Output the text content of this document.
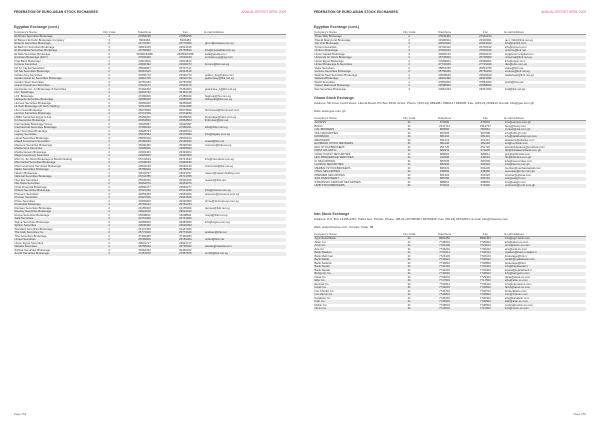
FEDERATION OF EURO-ASIAN STOCK EXCHANGES	ANNUAL REPORT APRIL 2009
Egyptian Exchange (cont.)
Company's Name	City Code	Telephone	Fax	E-mail Address
El Ahram Securities Brokerage	2	27956138	27956335	
El Barouni El Kabir Brokerage Company	3	5903484	5903484	
Elnama Securities Brokerage	2	24770307	24770306	gen.it@elnama.com.eg
El Badr for Securities Brokerage	2	23913015	23913015	
El Mostakbal Securities Brokerage	2	25756830	25756830	info@mostakbal.com.eg
El Safa Securities Brokerage	2	33280184/88	33280184/88	safa@elsafa.com
Emirates Brokerage (EGY)	2	27934449	27934449	emirates.egy@eg.com
First Bank Brokerage	2	23911810	23911810	
Fortune Securities	2	23906492	23906073	fortune@link.net.eg
Gil for Capital Securities	2	25909847	25747117	
Gil Sat Securities Brokerage	2	33361515	33361510	
Golden Key Securities	2	23390770	23390770	golden_key@gkey.com
Golden Hand for Securities Brokerage	2	23910705	23910716	goldenway@link.net.eg
Golden Town Securities	2	24781042	24781049	
Grand Investment Securities	2	27924171	27924170	
Guarantee Co. for Brokerage & Securities	2	37494200	37494204	guarantee_1@link.net.eg
H.C. Brokerage	2	33491740	33491740	
H.S. Brokerage	2	27486000	27486010	hsgroup@hs.com.eg
Heliopolis Securities Brokerage	2	22695025	22695025	heliopolis@link.net.eg
Hermes Securities Brokerage	2	33356626	33356626	
Hi-Tech Brokerage (Al Tech Trading)	2	37612020	37612020	
Hirm Invest Brokerage	2	25673830	25673830	hirminvest@hirminvest.com
Horizon Securities Brokerage	2	27374430	27374430	
HSBC Securities Egypt S.A.E	2	25358200	25358200	brokerage@hsbc.com.eg
Ibn Securities Brokerage	2	24564563	24564563	ibnbroker@link.net
Intermediate Brokerage Group	2	24026097	24026097	
International Securities Brokerage	2	27356220	27356221	isbs@isbs.com.eg
Itqan Securities Brokerage	2	23928704	23928704	
Legacy Securities	2	25478384	25478384	info@legacy.com.eg
Liquid Securities Brokerage	2	25600420	25600420	
Maadi Investment Securities	2	25160033	25160033	maadi@link.net
Mansour Securities Brokerage	2	25290490	25290490	mansour@link.net.eg
Masheretna Securities	2	23935929	23935929	
Mediterranean Brokerage	2	23393404	23393404	
Mega Investment Securities	2	22920000	22920000	
Misr Co. for Stock Brokerage & Bonds Dealing	2	25741543	25741543	info@misrstock.com.eg
Misr Global Securities Brokerage	2	27949190	27949190	
Misr Investment Securities Brokerage	2	23932130	23932130	misrinvest@link.net.eg
Nader Securities Brokerage	2	25780620	25780620	
Naeem Brokerage	2	33033797	33033797	naeem@naeemholding.com
National Securities Brokerage	2	25741785	25741785	
New Era Securities	2	25330010	25330010	newera@link.net
Nile Delta Securities	2	33354070	33354070	
Octet Financial Brokerage	2	23960477	23960477	
Pharos Securities Brokerage	2	37621230	37621230	info@pharos.com.eg
Pioneers Securities	2	24053460	24053460	pioneers@pioneers.com.eg
Premier Securities	2	23321520	23321520	
Prime Securities	2	33393000	33393000	prime@primegroup.com.eg
Prudential Brokerage	2	25781234	25781234	
Ramses Securities Brokerage	2	24155300	24155300	ramses@link.net.eg
Rawasy Securities Brokerage	2	23924010	23924010	
Roaya Securities Brokerage	2	25298811	25298811	roaya@link.net.eg
Safa Securities	2	22761400	22761400	
Sigma Securities Brokerage	2	33365000	33365000	info@sigma.com.eg
Sphinx Securities	2	23930300	23930300	
Standard Securities Brokerage	2	24147460	24147460	
The Arab Securities Co.	2	25773020	25773020	arabsec@link.net
Tiba Securities Brokerage	2	37490480	37490480	
United Securities	2	25783009	25783009	united@link.net
Upper Egypt Securities	2	23931717	23931717	
Wasata Securities	2	25755033	25755033	wasata@wasata.com
Zahraa Securities Brokerage	2	33462222	33462222	
Zenith Securities Brokerage	2	27357878	27357878	zenith@link.net.eg
Page 154
FEDERATION OF EURO-ASIAN STOCK EXCHANGES	ANNUAL REPORT APRIL 2009
Egyptian Exchange (cont.)
Company's Name	City Code	Telephone	Fax	E-mail Address
Three Way Brokerage	2	27942409	27942214	
Tiba El Masryia El Brokerage	2	23300001	23300001	gen_3110@link.net.eg
Top Link Brokerage	2	24024042	24024042	info@toplink.com
Tycoon Securities	2	22702412	22702412	info@tycoon.com
Uniform Brokerage	2	37602016	37602016	uniform@link.net
Union Capital Brokerage	2	23920123	23920123	top@union-capital.com
Universal for Stock Brokerage	2	25738000	25738000	universal@link.net.eg
Upper Egypt Brokerage	2	23399001	23399001	info@upper.com
United Brokerage & Securities	2	27749049	27749049	ubs@ubs.com.eg
Value Securities	2	25891780	25891780	value@link.net
Venture Securities Brokerage	2	25756260	25756260	venture@link.net.eg
Wadi El Neel Securities Brokerage	2	23906620	23906620	wadielneel@link.net.eg
Watania Brokerage	2	26901392	26901392	
World Securities	2	37862000	37862000	world@link.net
Yasser Mahmoud Brokerage	2	22588900	22588900	
Zad Securities Brokerage	2	23951034	23951034	zad@link.net.eg
Ghana Stock Exchange
Address: 5th Floor Cedi House, Liberia Road, PO Box 1849, Accra. Phone: (233-21) 669908 / 669914 / 669935. Fax: (233-21) 669913. E-mail: info@gse.com.gh
Web: www.gse.com.gh
Company's Name	City Code	Telephone	Fax	E-mail Address
ACCESS	21	670000	670001	info@access.com.gh
BOCG	21	2314714	2314747	bocg@bocg.com
CAL BROKERS	21	680060	680061	contact@cal.com.gh
CDH SECURITIES	21	907606	907608	info@cdh-gh.com
DATABANK	21	681404	681443	info@databankgroup.com
EBANKERS	21	661212	661213	ebankers@ebanks.com
ECOBANK STOCK BROKERS	21	681146	681148	esl@ecobank.com
EDC STOCKBROKERS	21	251720	251722	edcstockbrokers@ecobank.com
FIRST ATLANTIC	21	682203	679245	fab@firstatlanticbank.com.gh
GOLD COAST SECURITIES	21	689010	689011	gcs@goldcoast.com
HFC BROKERAGE SERVICES	21	242090	242091	hfc@hfcbank.com.gh
IC SECURITIES	21	687005	687006	info@icsecurities.com
LAURUS SECURITIES	21	683300	683301	info@laurus.com.gh
MERBAN STOCKBROKERS	21	666331	664230	merban@merbancapital.com
NTHC SECURITIES	21	238492	238492	securities@nthc.com.gh
PREMIER SECURITIES	21	661322	661323	premier@ghana.com
SAS INVESTMENT	21	686790	686791	sas@sasgh.com
STRATEGIC AFRICAN SECURITIES	21	688951	688952	info@sasgh.com
UMB STOCKBROKERS	21	673201	673202	umbstock@umb.com.gh
Iran Stock Exchange
Address: P.O. Box 14155-4357, Hafez Ave, Tehran. Phone: (98-21) 66702690 / 66700309. Fax: (98-21) 66702524. E-mail: info@irbourse.com
Web: www.irbourse.com. Country Code: 98
Company's Name	City Code	Telephone	Fax	E-mail Address
Agricultural Bank	21	8960452	8960453	info@agri-bank.com
Aban Co.	21	7726001	7726002	info@aban-co.com
Amin Co.	21	7723100	7723101	amin@amin-co.com
Aria Co.	21	7736201	7736202	aria@aria-co.com
Bank Maskan	21	7736411	7736412	maskan@bank-maskan.ir
Bank Melli Iran	21	7726103	7726104	brokerage@bmi.ir
Bank Mellat	21	7736521	7736522	mellat@mellatbank.com
Bank Saderat	21	7736801	7736802	brokerage@bsi.ir
Bank Sepah	21	7734401	7734402	info@banksepah.ir
Bank Tejarat	21	7733401	7733402	tejarat@tejaratbank.ir
Behgozin Co.	21	7740601	7740602	info@behgozin.com
Dana Co.	21	7729001	7729002	dana@dana-co.com
Elite Co.	21	7717501	7717502	elite@elite-co.com
Etemad Co.	21	7743311	7743312	info@etemad-co.com
Faraz Co.	21	7736601	7736602	faraz@faraz-co.com
Iran Khodro Co.	21	7736701	7736702	broker@ikco.com
Iran Zamin Co.	21	7736801	7736802	izco@irzamin.com
Karafarin Co.	21	7726301	7726302	info@karafarin.com
Kian Co.	21	7736901	7736902	kian@kian-co.com
Mobin Co.	21	7746501	7746502	mobin@mobin-co.com
Novin Co.	21	7712001	7712002	info@novin-co.com
Page 155
